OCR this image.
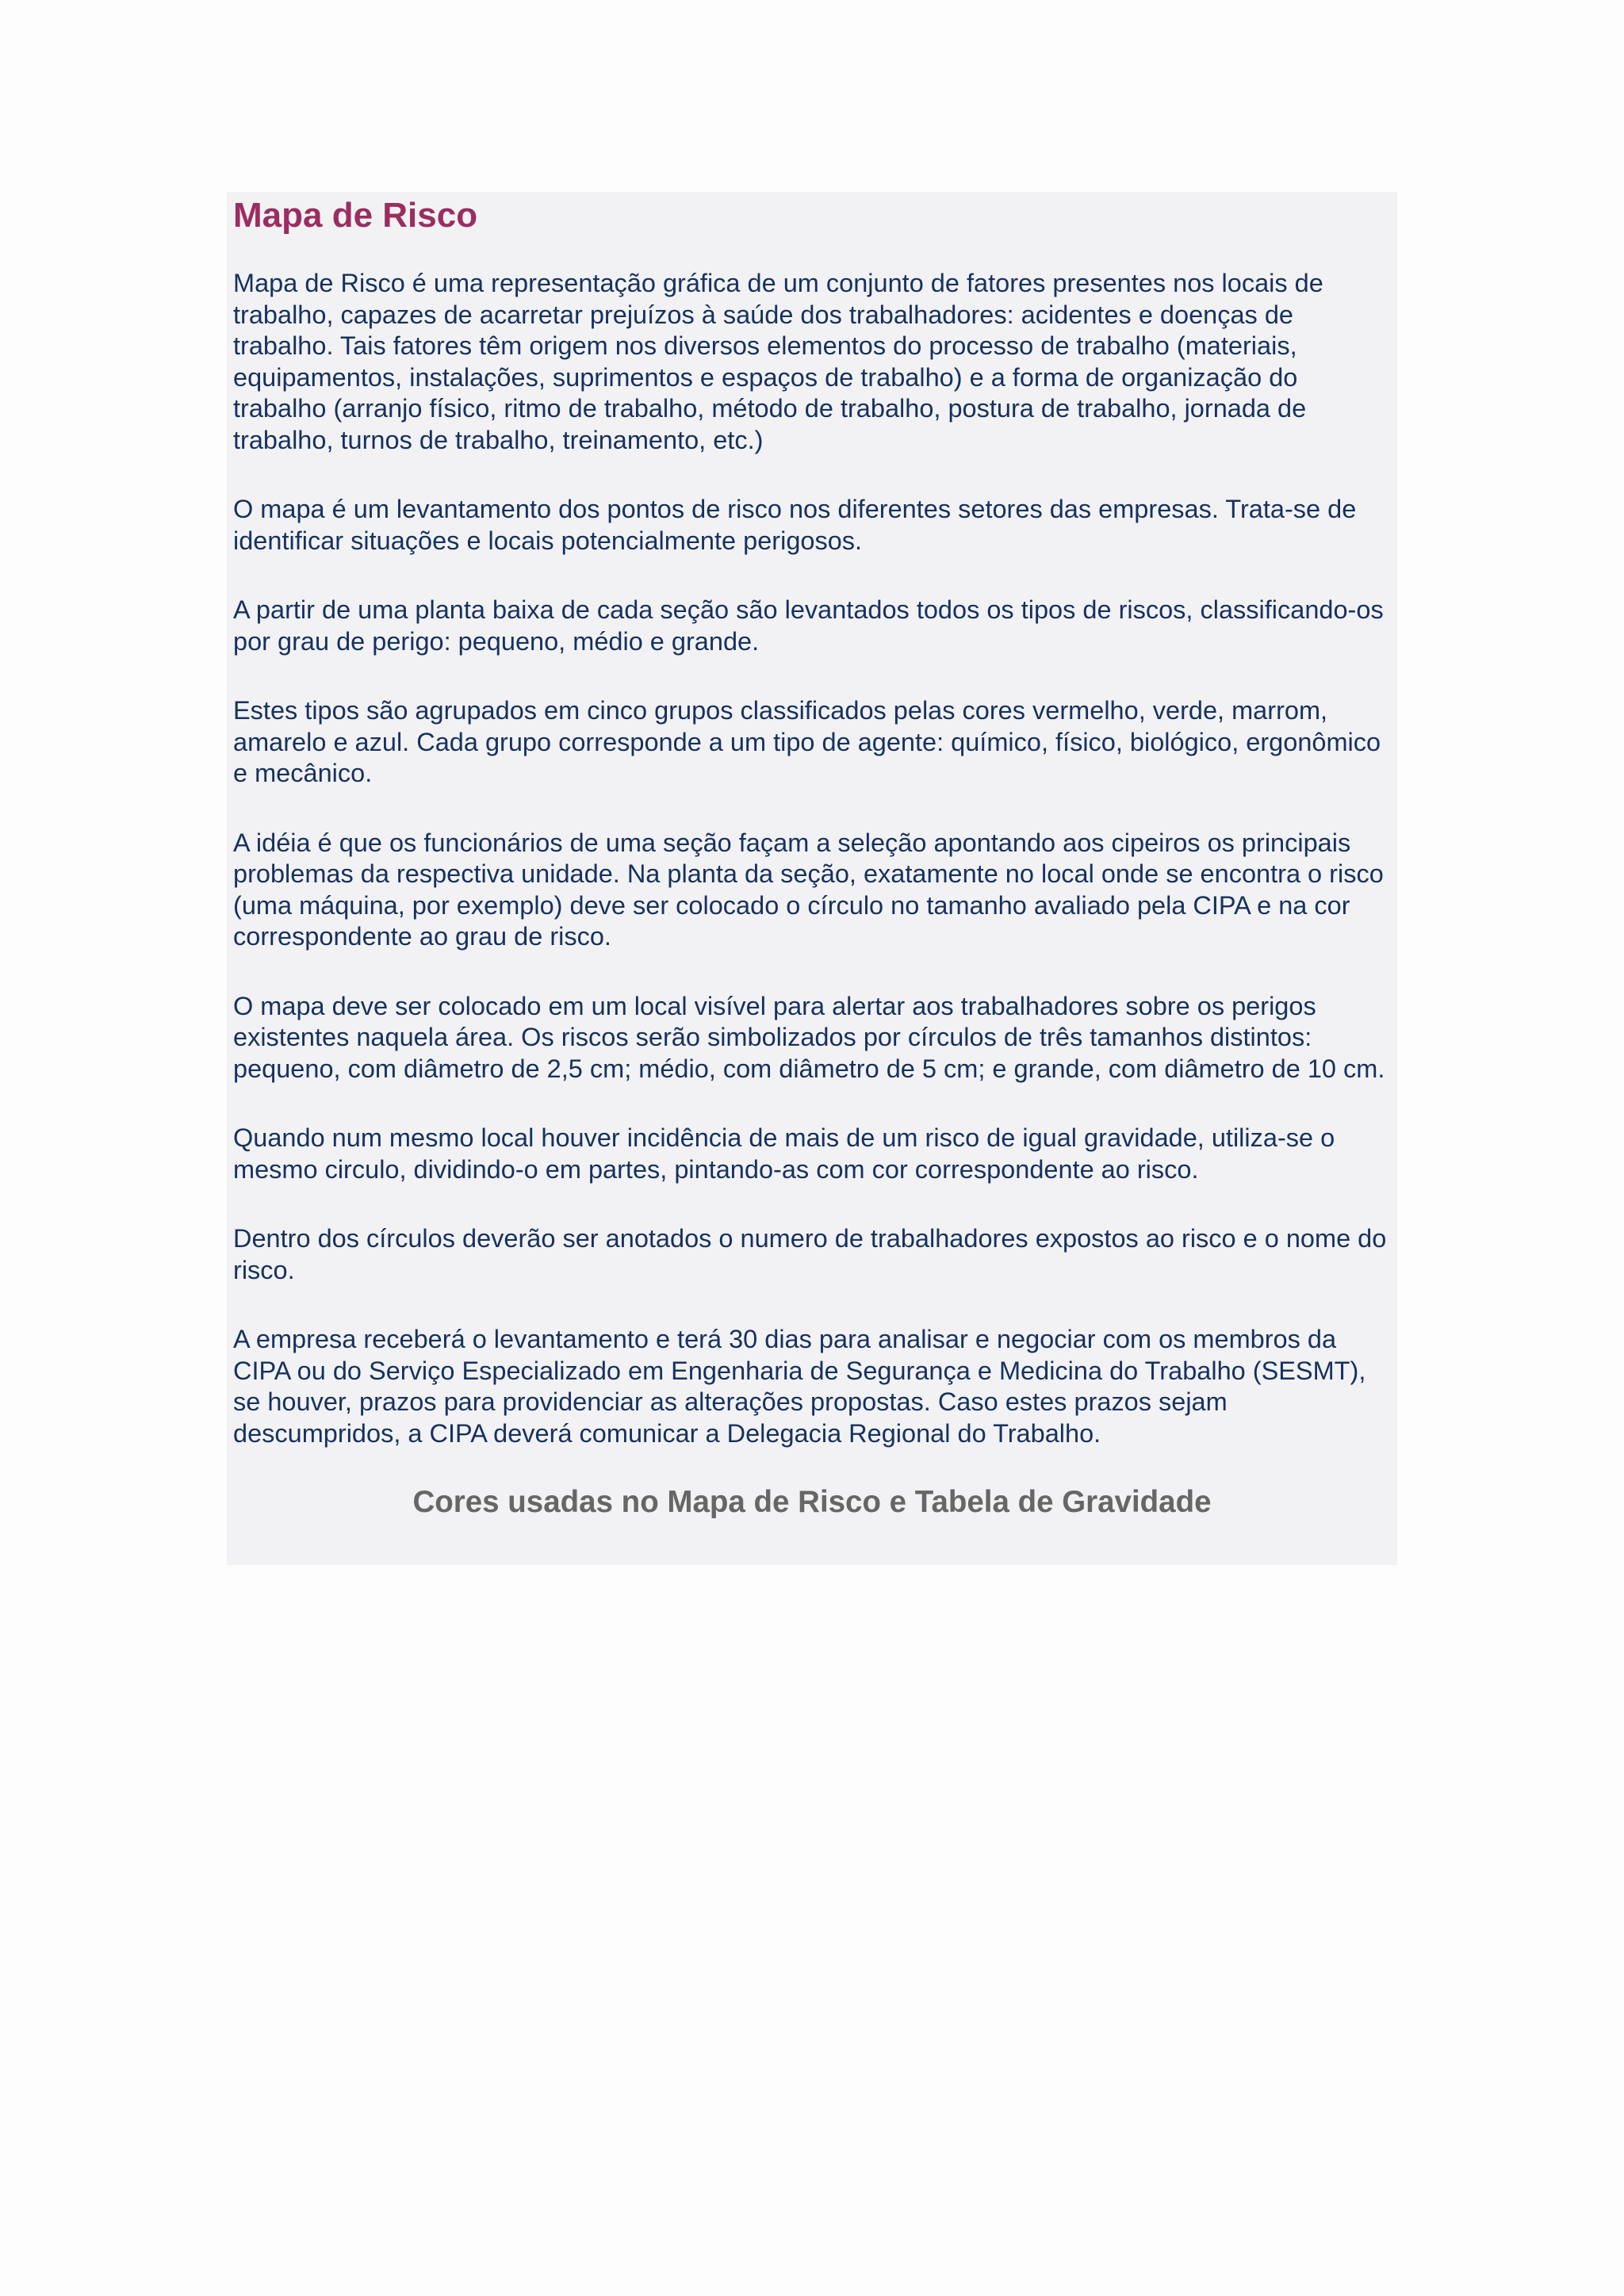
Mapa de Risco

Mapa de Risco é uma representação gráfica de um conjunto de fatores presentes nos locais de trabalho, capazes de acarretar prejuízos à saúde dos trabalhadores: acidentes e doenças de trabalho. Tais fatores têm origem nos diversos elementos do processo de trabalho (materiais, equipamentos, instalações, suprimentos e espaços de trabalho) e a forma de organização do trabalho (arranjo físico, ritmo de trabalho, método de trabalho, postura de trabalho, jornada de trabalho, turnos de trabalho, treinamento, etc.)

O mapa é um levantamento dos pontos de risco nos diferentes setores das empresas. Trata-se de identificar situações e locais potencialmente perigosos.

A partir de uma planta baixa de cada seção são levantados todos os tipos de riscos, classificando-os por grau de perigo: pequeno, médio e grande.

Estes tipos são agrupados em cinco grupos classificados pelas cores vermelho, verde, marrom, amarelo e azul. Cada grupo corresponde a um tipo de agente: químico, físico, biológico, ergonômico e mecânico.

A idéia é que os funcionários de uma seção façam a seleção apontando aos cipeiros os principais problemas da respectiva unidade. Na planta da seção, exatamente no local onde se encontra o risco (uma máquina, por exemplo) deve ser colocado o círculo no tamanho avaliado pela CIPA e na cor correspondente ao grau de risco.

O mapa deve ser colocado em um local visível para alertar aos trabalhadores sobre os perigos existentes naquela área. Os riscos serão simbolizados por círculos de três tamanhos distintos: pequeno, com diâmetro de 2,5 cm; médio, com diâmetro de 5 cm; e grande, com diâmetro de 10 cm.

Quando num mesmo local houver incidência de mais de um risco de igual gravidade, utiliza-se o mesmo circulo, dividindo-o em partes, pintando-as com cor correspondente ao risco.

Dentro dos círculos deverão ser anotados o numero de trabalhadores expostos ao risco e o nome do risco.

A empresa receberá o levantamento e terá 30 dias para analisar e negociar com os membros da CIPA ou do Serviço Especializado em Engenharia de Segurança e Medicina do Trabalho (SESMT), se houver, prazos para providenciar as alterações propostas. Caso estes prazos sejam descumpridos, a CIPA deverá comunicar a Delegacia Regional do Trabalho.

Cores usadas no Mapa de Risco e Tabela de Gravidade
